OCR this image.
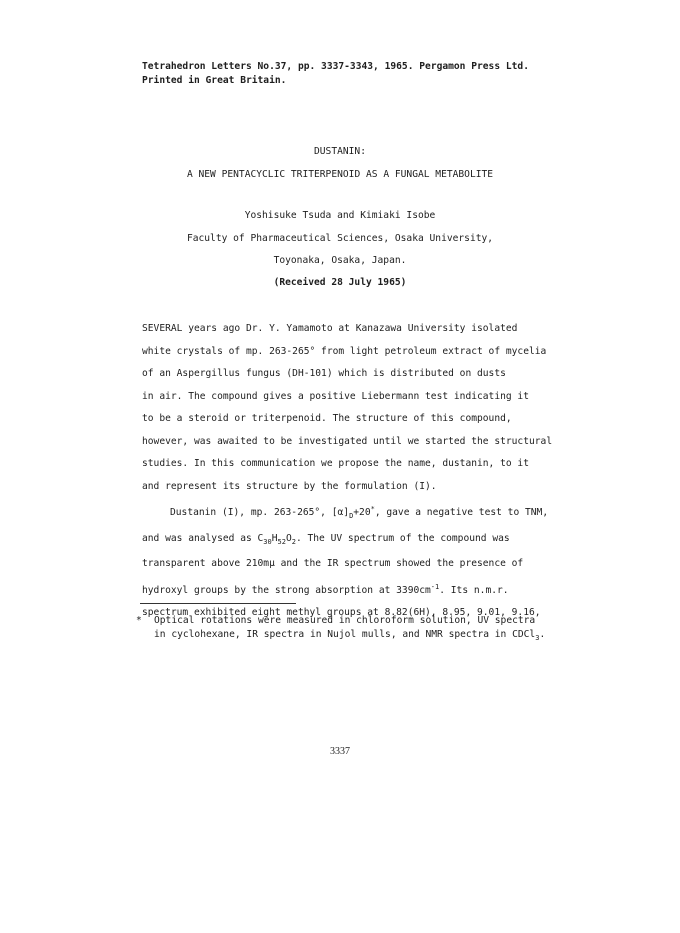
Tetrahedron Letters No.37, pp. 3337-3343, 1965. Pergamon Press Ltd.
Printed in Great Britain.
DUSTANIN:
A NEW PENTACYCLIC TRITERPENOID AS A FUNGAL METABOLITE
Yoshisuke Tsuda and Kimiaki Isobe
Faculty of Pharmaceutical Sciences, Osaka University,
Toyonaka, Osaka, Japan.
(Received 28 July 1965)

SEVERAL years ago Dr. Y. Yamamoto at Kanazawa University isolated

white crystals of mp. 263-265° from light petroleum extract of mycelia

of an Aspergillus fungus (DH-101) which is distributed on dusts

in air. The compound gives a positive Liebermann test indicating it

to be a steroid or triterpenoid. The structure of this compound,

however, was awaited to be investigated until we started the structural

studies. In this communication we propose the name, dustanin, to it

and represent its structure by the formulation (I).

Dustanin (I), mp. 263-265°, $[\alpha]_D+20^*$, gave a negative test to TNM,

and was analysed as $C_{30}H_{52}O_2$. The UV spectrum of the compound was

transparent above 210mμ and the IR spectrum showed the presence of

hydroxyl groups by the strong absorption at $3390cm^{-1}$. Its n.m.r.

spectrum exhibited eight methyl groups at 8.82(6H), 8.95, 9.01, 9.16,

* Optical rotations were measured in chloroform solution, UV spectra
in cyclohexane, IR spectra in Nujol mulls, and NMR spectra in CDCl$_3$.
3337
